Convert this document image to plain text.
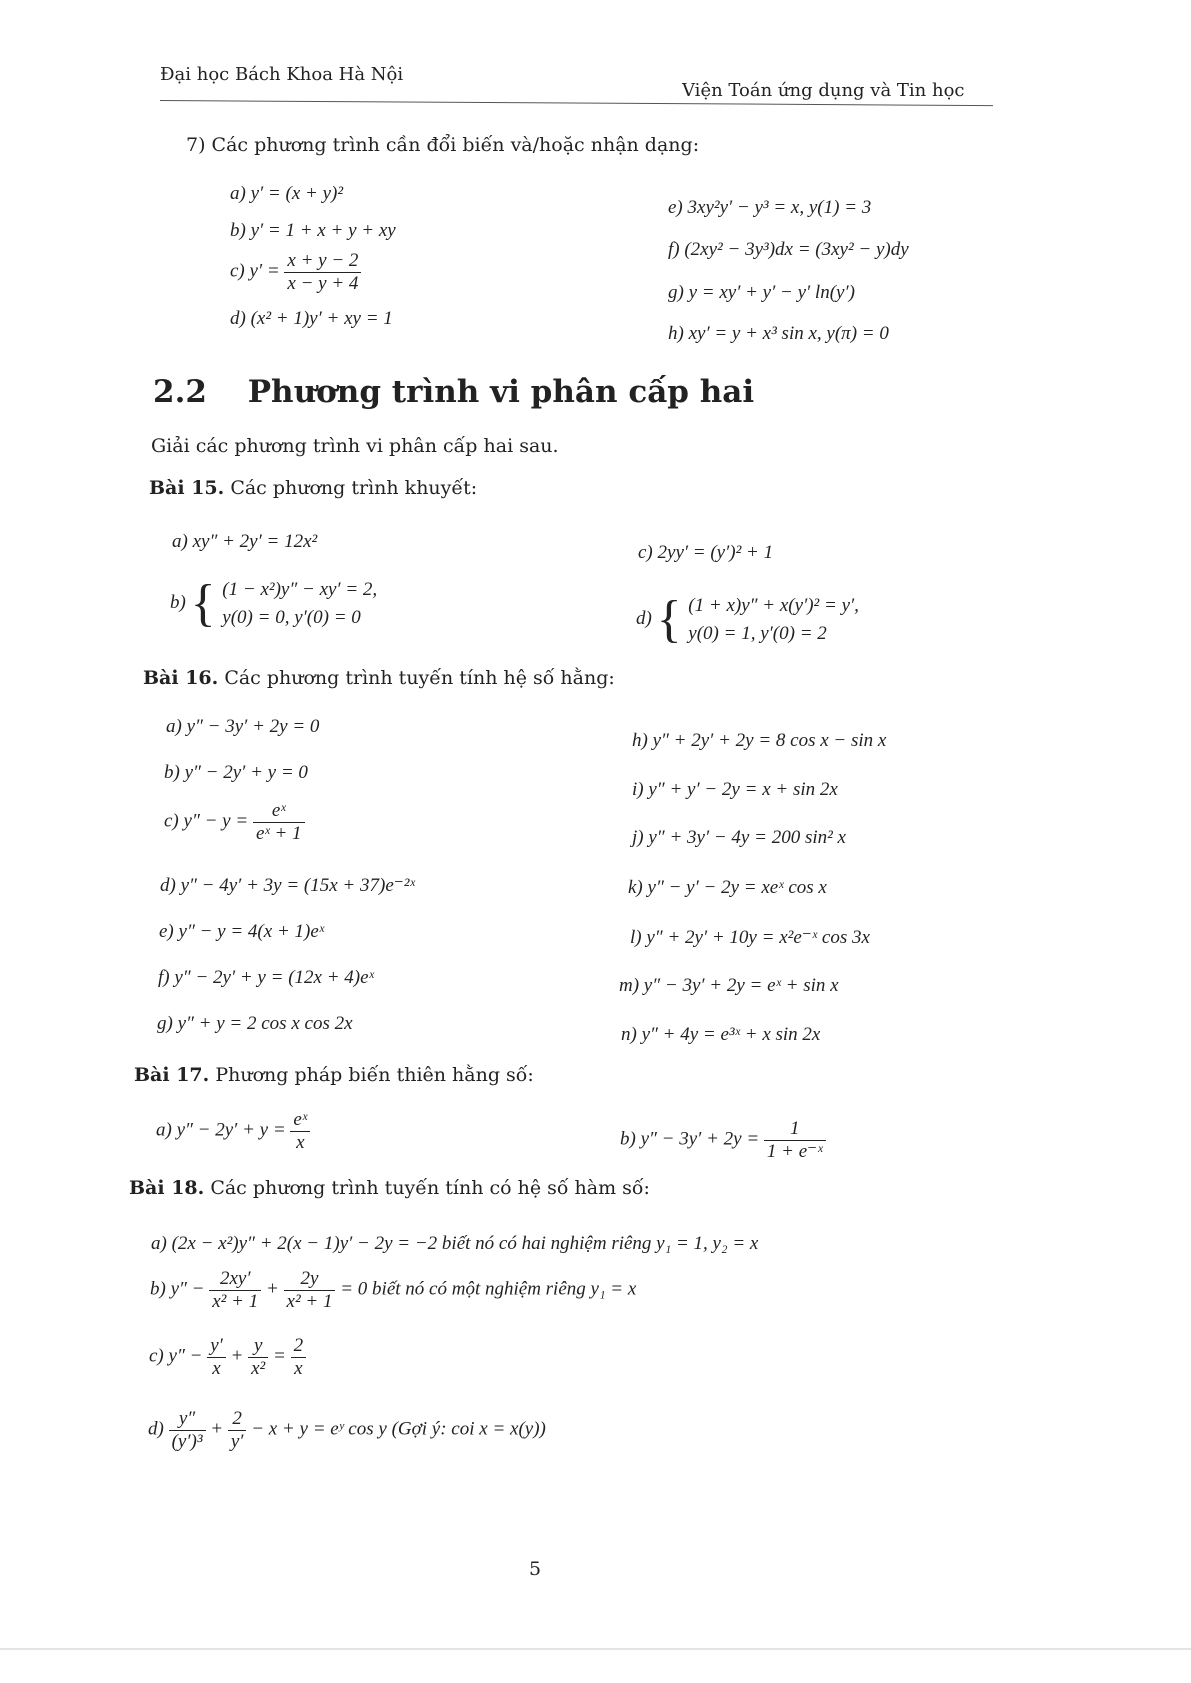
Đại học Bách Khoa Hà Nội
Viện Toán ứng dụng và Tin học
7) Các phương trình cần đổi biến và/hoặc nhận dạng:
a) y′ = (x + y)²
b) y′ = 1 + x + y + xy
c) $y' = \frac{x + y - 2}{x - y + 4}$
d) (x² + 1)y′ + xy = 1
e) 3xy²y′ − y³ = x, y(1) = 3
f) (2xy² − 3y³)dx = (3xy² − y)dy
g) y = xy′ + y′ − y′ ln(y′)
h) xy′ = y + x³ sin x, y(π) = 0
2.2 Phương trình vi phân cấp hai
Giải các phương trình vi phân cấp hai sau.
Bài 15. Các phương trình khuyết:
a) xy″ + 2y′ = 12x²
b) { (1 − x²)y″ − xy′ = 2,
y(0) = 0, y′(0) = 0
c) 2yy′ = (y′)² + 1
d) { (1 + x)y″ + x(y′)² = y′,
y(0) = 1, y′(0) = 2
Bài 16. Các phương trình tuyến tính hệ số hằng:
a) y″ − 3y′ + 2y = 0
b) y″ − 2y′ + y = 0
c) $y'' - y = \frac{\text{eˣ}}{\text{eˣ + 1}}$
d) y″ − 4y′ + 3y = (15x + 37)e⁻²ˣ
e) y″ − y = 4(x + 1)eˣ
f) y″ − 2y′ + y = (12x + 4)eˣ
g) y″ + y = 2 cos x cos 2x
h) y″ + 2y′ + 2y = 8 cos x − sin x
i) y″ + y′ − 2y = x + sin 2x
j) y″ + 3y′ − 4y = 200 sin² x
k) y″ − y′ − 2y = xeˣ cos x
l) y″ + 2y′ + 10y = x²e⁻ˣ cos 3x
m) y″ − 3y′ + 2y = eˣ + sin x
n) y″ + 4y = e³ˣ + x sin 2x
Bài 17. Phương pháp biến thiên hằng số:
a) $y'' - 2y' + y = \frac{\text{eˣ}}{x}$	b) $y'' - 3y' + 2y = \frac{1}{\text{1 + e⁻ˣ}}$
Bài 18. Các phương trình tuyến tính có hệ số hàm số:
a) (2x − x²)y″ + 2(x − 1)y′ − 2y = −2 biết nó có hai nghiệm riêng y₁ = 1, y₂ = x
b) $y'' - \frac{2xy'}{\text{x² + 1}} + \frac{2y}{\text{x² + 1}} = 0$ biết nó có một nghiệm riêng y₁ = x
c) $y'' - \frac{y'}{x} + \frac{y}{\text{x²}} = \frac{2}{x}$
$d) \frac{y''}{\text{(y′)³}} + \frac{2}{y'} - x + y$ = eʸ cos y (Gợi ý: coi x = x(y))
5
